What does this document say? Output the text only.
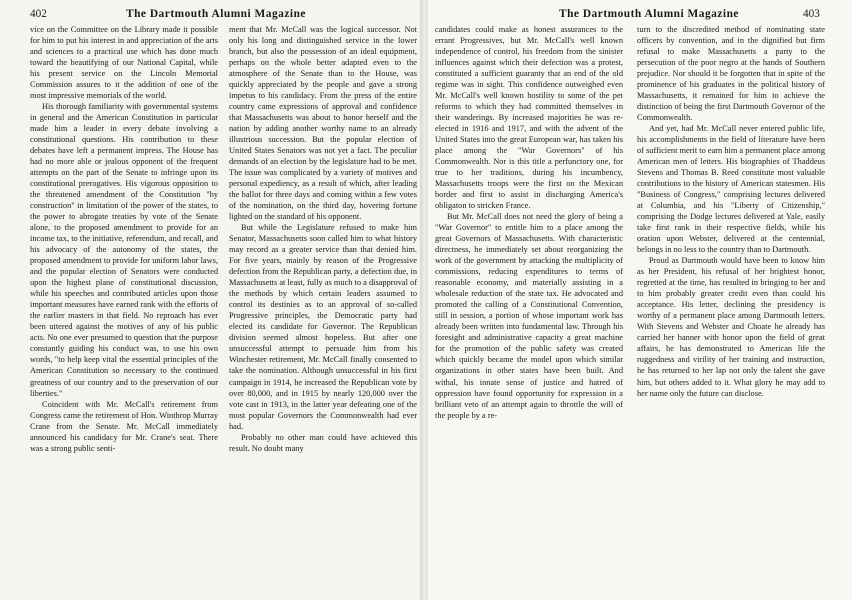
402	The Dartmouth Alumni Magazine

vice on the Committee on the Library made it possible for him to put his interest in and appreciation of the arts and sciences to a practical use which has done much toward the beautifying of our National Capital, while his present service on the Lincoln Memorial Commission assures to it the addition of one of the most impressive memorials of the world.

His thorough familiarity with governmental systems in general and the American Constitution in particular made him a leader in every debate involving a constitutional questions. His contribution to these debates have left a permanent impress. The House has had no more able or jealous opponent of the frequent attempts on the part of the Senate to infringe upon its constitutional prerogatives. His vigorous opposition to the threatened amendment of the Constitution "by construction" in limitation of the power of the states, to the power to abrogate treaties by vote of the Senate alone, to the proposed amendment to provide for an income tax, to the initiative, referendum, and recall, and his advocacy of the autonomy of the states, the proposed amendment to provide for uniform labor laws, and the popular election of Senators were conducted upon the highest plane of constitutional discussion, while his speeches and contributed articles upon those important measures have earned rank with the efforts of the earlier masters in that field. No reproach has ever been uttered against the motives of any of his public acts. No one ever presumed to question that the purpose constantly guiding his conduct was, to use his own words, "to help keep vital the essential principles of the American Constitution so necessary to the continued greatness of our country and to the preservation of our liberties."

Coincident with Mr. McCall's retirement from Congress came the retirement of Hon. Winthrop Murray Crane from the Senate. Mr. McCall immediately announced his candidacy for Mr. Crane's seat. There was a strong public senti-

ment that Mr. McCall was the logical successor. Not only his long and distinguished service in the lower branch, but also the possession of an ideal equipment, perhaps on the whole better adapted even to the atmosphere of the Senate than to the House, was quickly appreciated by the people and gave a strong impetus to his candidacy. From the press of the entire country came expressions of approval and confidence that Massachusetts was about to honor herself and the nation by adding another worthy name to an already illustrious succession. But the popular election of United States Senators was not yet a fact. The peculiar demands of an election by the legislature had to be met. The issue was complicated by a variety of motives and personal expediency, as a result of which, after leading the ballot for three days and coming within a few votes of the nomination, on the third day, hovering fortune lighted on the standard of his opponent.

But while the Legislature refused to make him Senator, Massachusetts soon called him to what history may record as a greater service than that denied him. For five years, mainly by reason of the Progressive defection from the Republican party, a defection due, in Massachusetts at least, fully as much to a disapproval of the methods by which certain leaders assumed to control its destinies as to an approval of so-called Progressive principles, the Democratic party had elected its candidate for Governor. The Republican division seemed almost hopeless. But after one unsuccessful attempt to persuade him from his Winchester retirement, Mr. McCall finally consented to take the nomination. Although unsuccessful in his first campaign in 1914, he increased the Republican vote by over 80,000, and in 1915 by nearly 120,000 over the vote cast in 1913, in the latter year defeating one of the most popular Governors the Commonwealth had ever had.

Probably no other man could have achieved this result. No doubt many

The Dartmouth Alumni Magazine	403

candidates could make as honest assurances to the errant Progressives, but Mr. McCall's well known independence of control, his freedom from the sinister influences against which their defection was a protest, constituted a sufficient guaranty that an end of the old regime was in sight. This confidence outweighed even Mr. McCall's well known hostility to some of the pet reforms to which they had committed themselves in their wanderings. By increased majorities he was re-elected in 1916 and 1917, and with the advent of the United States into the great European war, has taken his place among the "War Governors" of his Commonwealth. Nor is this title a perfunctory one, for true to her traditions, during his incumbency, Massachusetts troops were the first on the Mexican border and first to assist in discharging America's obligaton to stricken France.

But Mr. McCall does not need the glory of being a "War Governor" to entitle him to a place among the great Governors of Massachusetts. With characteristic directness, he immediately set about reorganizing the work of the government by attacking the multiplicity of commissions, reducing expenditures to terms of reasonable economy, and materially assisting in a wholesale reduction of the state tax. He advocated and promoted the calling of a Constitutional Convention, still in session, a portion of whose important work has already been written into fundamental law. Through his foresight and administrative capacity a great machine for the promotion of the public safety was created which quickly became the model upon which similar organizations in other states have been built. And withal, his innate sense of justice and hatred of oppression have found opportunity for expression in a brilliant veto of an attempt again to throttle the will of the people by a re-

turn to the discredited method of nominating state officers by convention, and in the dignified but firm refusal to make Massachusetts a party to the persecution of the poor negro at the hands of Southern prejudice. Nor should it be forgotten that in spite of the prominence of his graduates in the political history of Massachusetts, it remained for him to achieve the distinction of being the first Dartmouth Governor of the Commonwealth.

And yet, had Mr. McCall never entered public life, his accomplishments in the field of literature have been of sufficient merit to earn him a permanent place among American men of letters. His biographies of Thaddeus Stevens and Thomas B. Reed constitute most valuable contributions to the history of American statesmen. His "Business of Congress," comprising lectures delivered at Columbia, and his "Liberty of Citizenship," comprising the Dodge lectures delivered at Yale, easily take first rank in their respective fields, while his oration upon Webster, delivered at the centennial, belongs in no less to the country than to Dartmouth.

Proud as Dartmouth would have been to know him as her President, his refusal of her brightest honor, regretted at the time, has resulted in bringing to her and to him probably greater credit even than could his acceptance. His letter, declining the presidency is worthy of a permanent place among Dartmouth letters. With Stevens and Webster and Choate he already has carried her banner with honor upon the field of great affairs, he has demonstrated to American life the ruggedness and virility of her training and instruction, he has returned to her lap not only the talent she gave him, but others added to it. What glory he may add to her name only the future can disclose.
